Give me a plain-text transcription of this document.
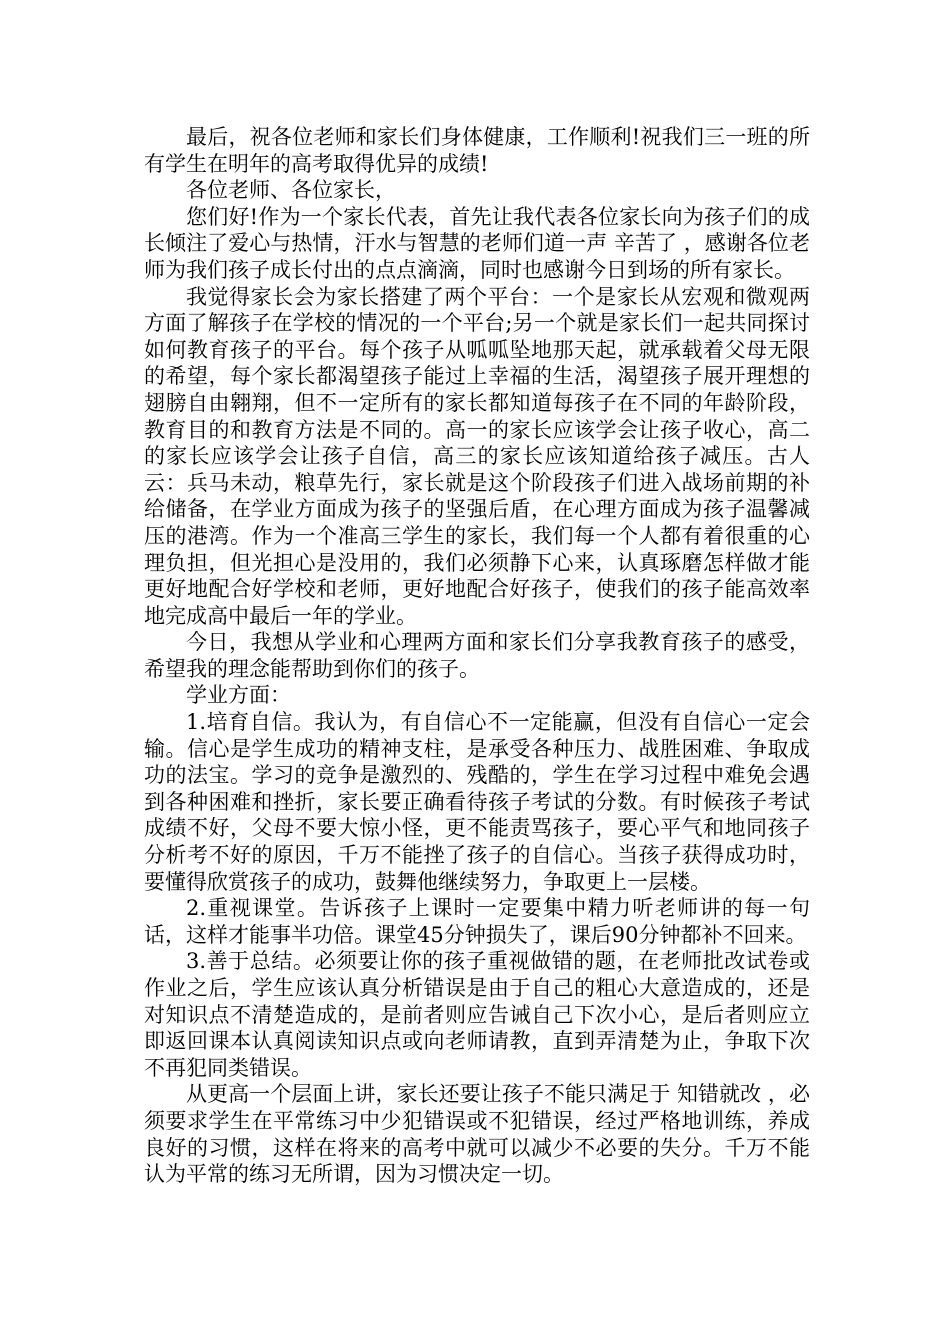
最后，祝各位老师和家长们身体健康，工作顺利!祝我们三一班的所有学生在明年的高考取得优异的成绩!

各位老师、各位家长，

您们好!作为一个家长代表，首先让我代表各位家长向为孩子们的成长倾注了爱心与热情，汗水与智慧的老师们道一声 辛苦了 ，感谢各位老师为我们孩子成长付出的点点滴滴，同时也感谢今日到场的所有家长。

我觉得家长会为家长搭建了两个平台：一个是家长从宏观和微观两方面了解孩子在学校的情况的一个平台;另一个就是家长们一起共同探讨如何教育孩子的平台。每个孩子从呱呱坠地那天起，就承载着父母无限的希望，每个家长都渴望孩子能过上幸福的生活，渴望孩子展开理想的翅膀自由翱翔，但不一定所有的家长都知道每孩子在不同的年龄阶段，教育目的和教育方法是不同的。高一的家长应该学会让孩子收心，高二的家长应该学会让孩子自信，高三的家长应该知道给孩子减压。古人云：兵马未动，粮草先行，家长就是这个阶段孩子们进入战场前期的补给储备，在学业方面成为孩子的坚强后盾，在心理方面成为孩子温馨减压的港湾。作为一个准高三学生的家长，我们每一个人都有着很重的心理负担，但光担心是没用的，我们必须静下心来，认真琢磨怎样做才能更好地配合好学校和老师，更好地配合好孩子，使我们的孩子能高效率地完成高中最后一年的学业。

今日，我想从学业和心理两方面和家长们分享我教育孩子的感受，希望我的理念能帮助到你们的孩子。

学业方面：

1.培育自信。我认为，有自信心不一定能赢，但没有自信心一定会输。信心是学生成功的精神支柱，是承受各种压力、战胜困难、争取成功的法宝。学习的竞争是激烈的、残酷的，学生在学习过程中难免会遇到各种困难和挫折，家长要正确看待孩子考试的分数。有时候孩子考试成绩不好，父母不要大惊小怪，更不能责骂孩子，要心平气和地同孩子分析考不好的原因，千万不能挫了孩子的自信心。当孩子获得成功时，要懂得欣赏孩子的成功，鼓舞他继续努力，争取更上一层楼。

2.重视课堂。告诉孩子上课时一定要集中精力听老师讲的每一句话，这样才能事半功倍。课堂45分钟损失了，课后90分钟都补不回来。

3.善于总结。必须要让你的孩子重视做错的题，在老师批改试卷或作业之后，学生应该认真分析错误是由于自己的粗心大意造成的，还是对知识点不清楚造成的，是前者则应告诫自己下次小心，是后者则应立即返回课本认真阅读知识点或向老师请教，直到弄清楚为止，争取下次不再犯同类错误。

从更高一个层面上讲，家长还要让孩子不能只满足于 知错就改 ，必须要求学生在平常练习中少犯错误或不犯错误，经过严格地训练，养成良好的习惯，这样在将来的高考中就可以减少不必要的失分。千万不能认为平常的练习无所谓，因为习惯决定一切。
